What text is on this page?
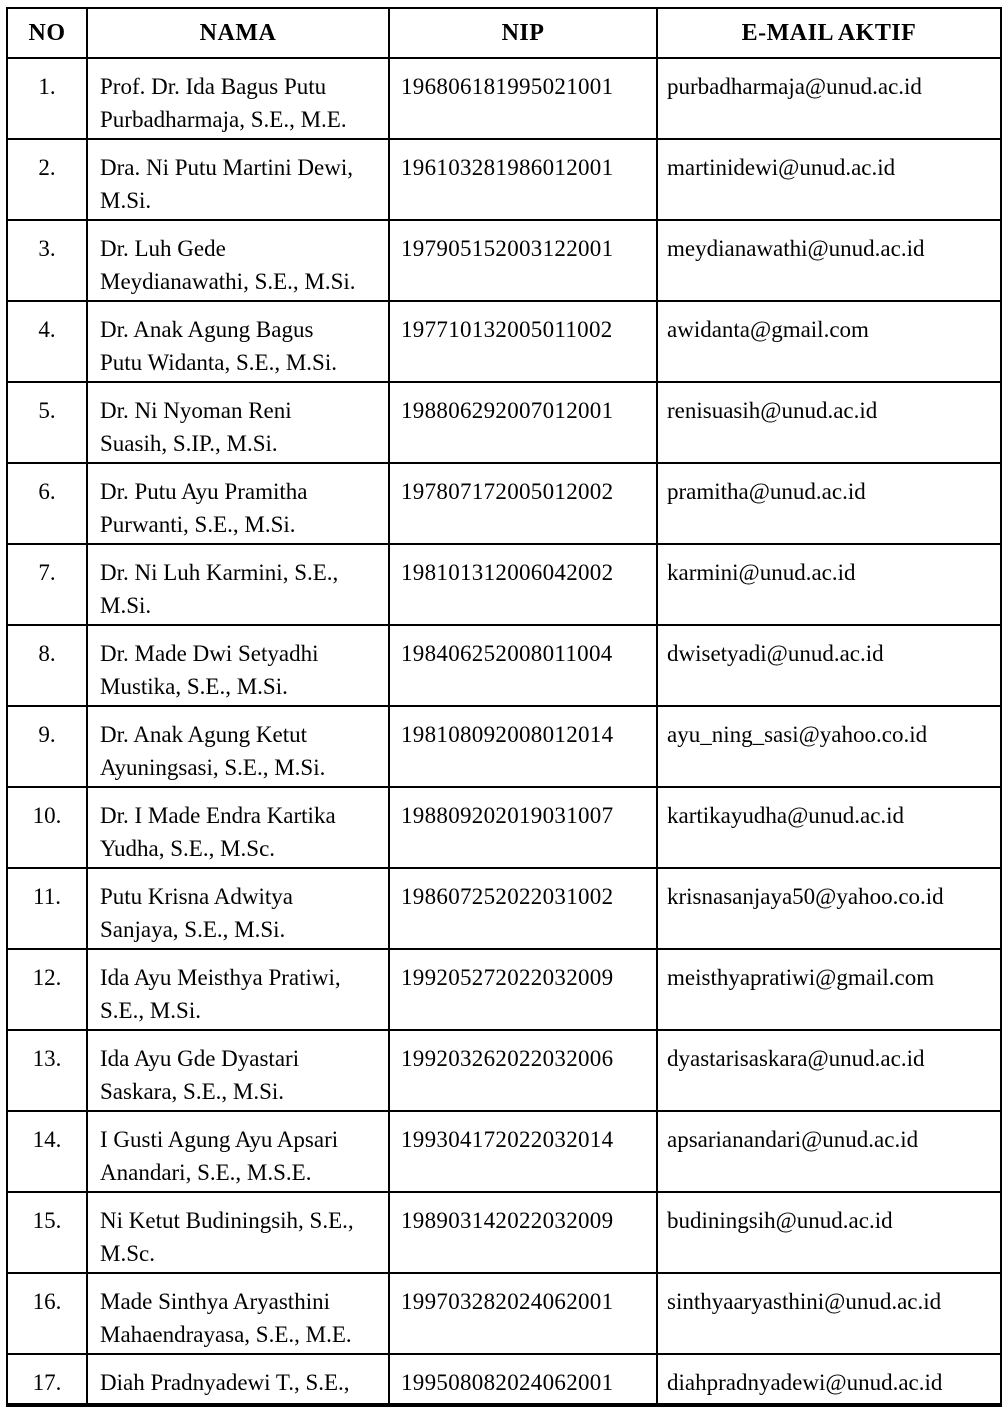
NO	NAMA	NIP	E-MAIL AKTIF
1.	Prof. Dr. Ida Bagus Putu Purbadharmaja, S.E., M.E.	196806181995021001	purbadharmaja@unud.ac.id
2.	Dra. Ni Putu Martini Dewi, M.Si.	196103281986012001	martinidewi@unud.ac.id
3.	Dr. Luh Gede Meydianawathi, S.E., M.Si.	197905152003122001	meydianawathi@unud.ac.id
4.	Dr. Anak Agung Bagus Putu Widanta, S.E., M.Si.	197710132005011002	awidanta@gmail.com
5.	Dr. Ni Nyoman Reni Suasih, S.IP., M.Si.	198806292007012001	renisuasih@unud.ac.id
6.	Dr. Putu Ayu Pramitha Purwanti, S.E., M.Si.	197807172005012002	pramitha@unud.ac.id
7.	Dr. Ni Luh Karmini, S.E., M.Si.	198101312006042002	karmini@unud.ac.id
8.	Dr. Made Dwi Setyadhi Mustika, S.E., M.Si.	198406252008011004	dwisetyadi@unud.ac.id
9.	Dr. Anak Agung Ketut Ayuningsasi, S.E., M.Si.	198108092008012014	ayu_ning_sasi@yahoo.co.id
10.	Dr. I Made Endra Kartika Yudha, S.E., M.Sc.	198809202019031007	kartikayudha@unud.ac.id
11.	Putu Krisna Adwitya Sanjaya, S.E., M.Si.	198607252022031002	krisnasanjaya50@yahoo.co.id
12.	Ida Ayu Meisthya Pratiwi, S.E., M.Si.	199205272022032009	meisthyapratiwi@gmail.com
13.	Ida Ayu Gde Dyastari Saskara, S.E., M.Si.	199203262022032006	dyastarisaskara@unud.ac.id
14.	I Gusti Agung Ayu Apsari Anandari, S.E., M.S.E.	199304172022032014	apsarianandari@unud.ac.id
15.	Ni Ketut Budiningsih, S.E., M.Sc.	198903142022032009	budiningsih@unud.ac.id
16.	Made Sinthya Aryasthini Mahaendrayasa, S.E., M.E.	199703282024062001	sinthyaaryasthini@unud.ac.id
17.	Diah Pradnyadewi T., S.E.,	199508082024062001	diahpradnyadewi@unud.ac.id
